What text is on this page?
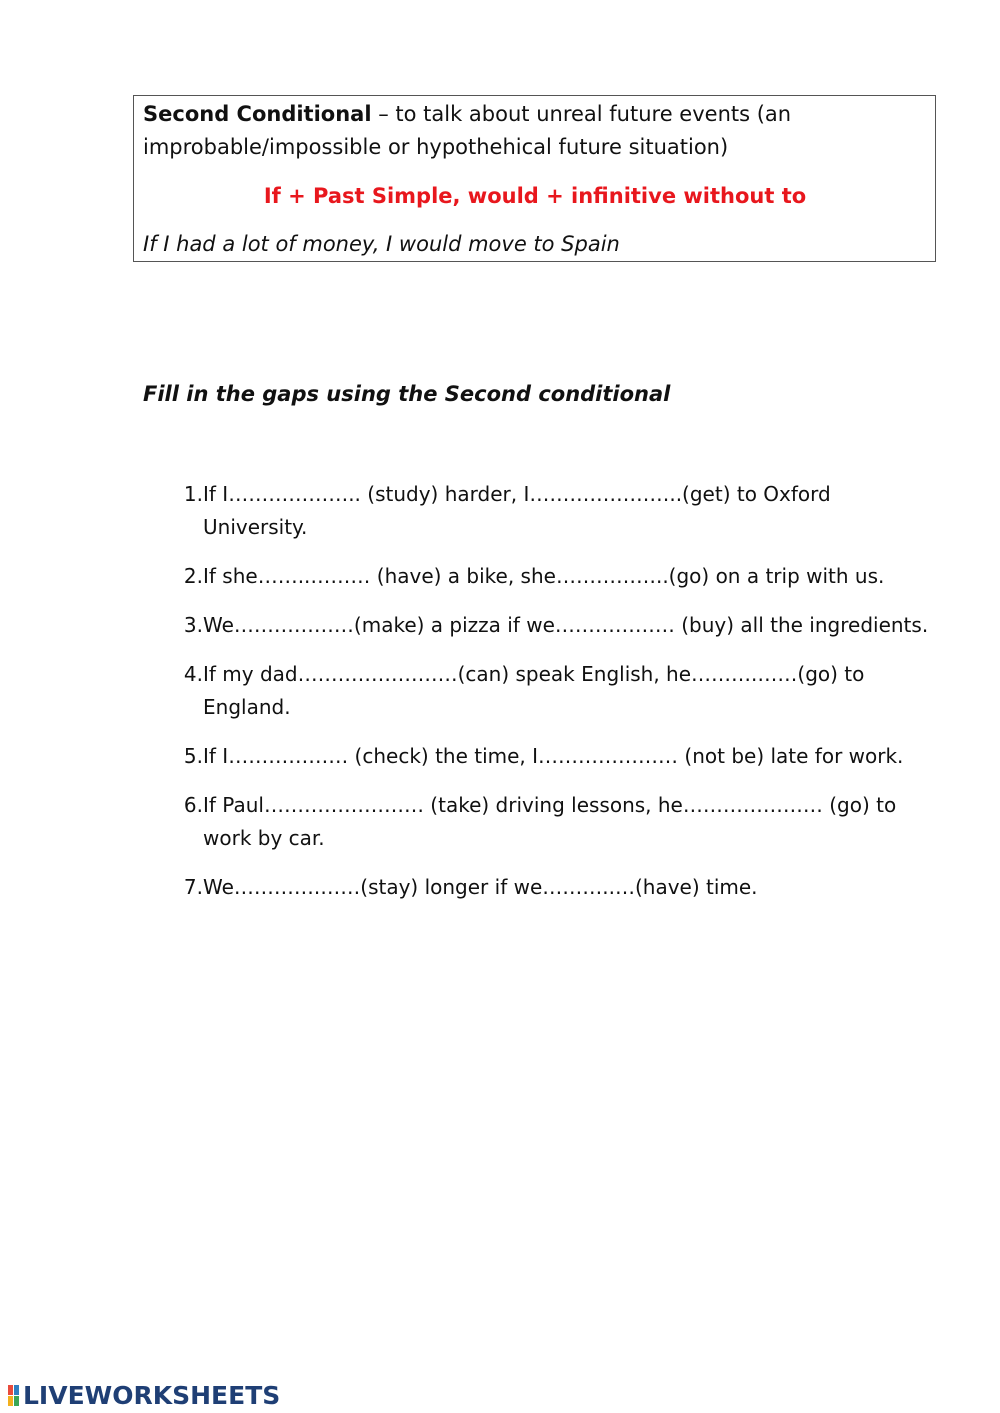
Second Conditional – to talk about unreal future events (an improbable/impossible or hypothehical future situation)
If + Past Simple, would + infinitive without to
If I had a lot of money, I would move to Spain

Fill in the gaps using the Second conditional

1. If I……………….. (study) harder, I…………………..(get) to Oxford University.
2. If she……..……… (have) a bike, she……………..(go) on a trip with us.
3. We………………(make) a pizza if we……………… (buy) all the ingredients.
4. If my dad……………………(can) speak English, he……….……(go) to England.
5. If I……………… (check) the time, I………………… (not be) late for work.
6. If Paul…………………… (take) driving lessons, he………………… (go) to work by car.
7. We………….……(stay) longer if we………..…(have) time.
LIVEWORKSHEETS
